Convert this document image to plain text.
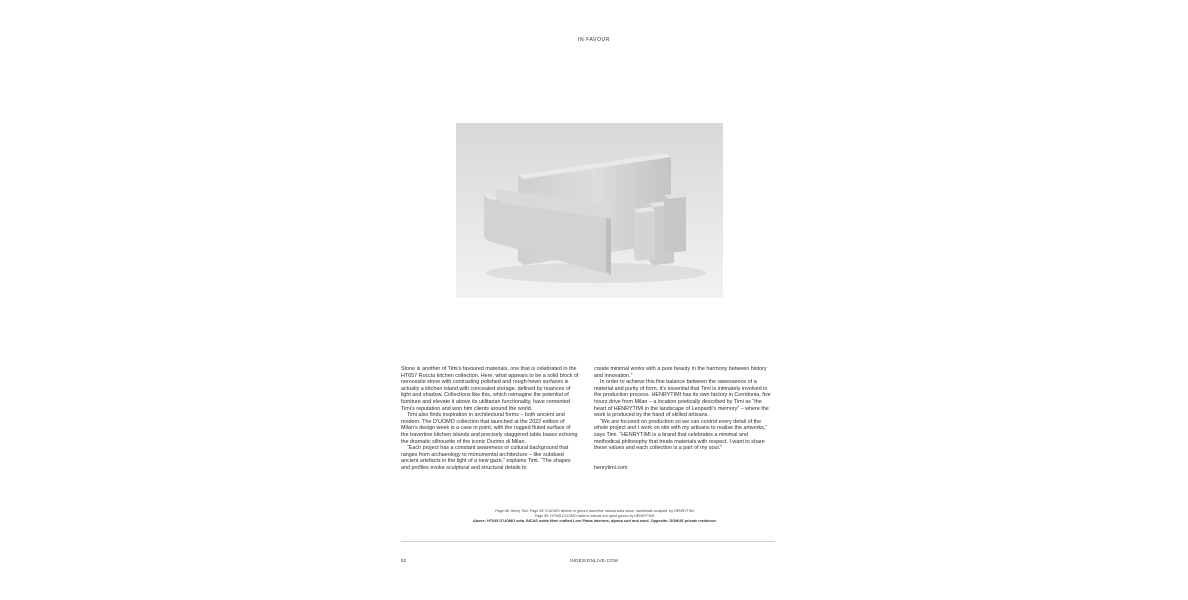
IN FAVOUR

Stone is another of Timi’s favoured materials, one that is celebrated in the HT657 Roccia kitchen collection. Here, what appears to be a solid block of neroossile stone with contrasting polished and rough-hewn surfaces is actually a kitchen island with concealed storage, defined by nuances of light and shadow. Collections like this, which reimagine the potential of furniture and elevate it above its utilitarian functionality, have cemented Timi’s reputation and won him clients around the world.

Timi also finds inspiration in architectural forms – both ancient and modern. The D’UOMO collection that launched at the 2022 edition of Milan’s design week is a case in point, with the rugged fluted surface of the travertine kitchen islands and precisely staggered table bases echoing the dramatic silhouette of the iconic Duomo di Milan.

“Each project has a constant awareness or cultural background that ranges from archaeology to monumental architecture – like subdued ancient artefacts in the light of a new gaze,” explains Timi. “The shapes and profiles evoke sculptural and structural details to

create minimal works with a pure beauty in the harmony between history and innovation.”

In order to achieve this fine balance between the rawessence of a material and purity of form, it’s essential that Timi is intimately involved in the production process. HENRYTIMI has its own factory in Corridonia, five hours drive from Milan – a location poetically described by Timi as “the heart of HENRYTIMI in the landscape of Leopardi’s memory” – where the work is produced by the hand of skilled artisans.

“We are focused on production so we can control every detail of the whole project and I work on site with my artisans to realise the artworks,” says Timi. “HENRYTIMI is a brand that celebrates a minimal and methodical philosophy that treats materials with respect. I want to share these values and each collection is a part of my soul.”

henrytimi.com

Page 48: Henry Timi. Page 49: D’UOMO kitchen in grezzo travertine natural solid stone, handmade sculpted, by HENRYTIMI.
Page 50: HT945 D’UOMO table in natural rich dyed grezzo by HENRYTIMI.
Above: HT045 D’UOMO sofa, INCAS noble fibre crafted Loro Piana Interiors, alpaca surf and wool. Opposite: DOMUS private residence.
52	INDESIGNLIVE.COM
